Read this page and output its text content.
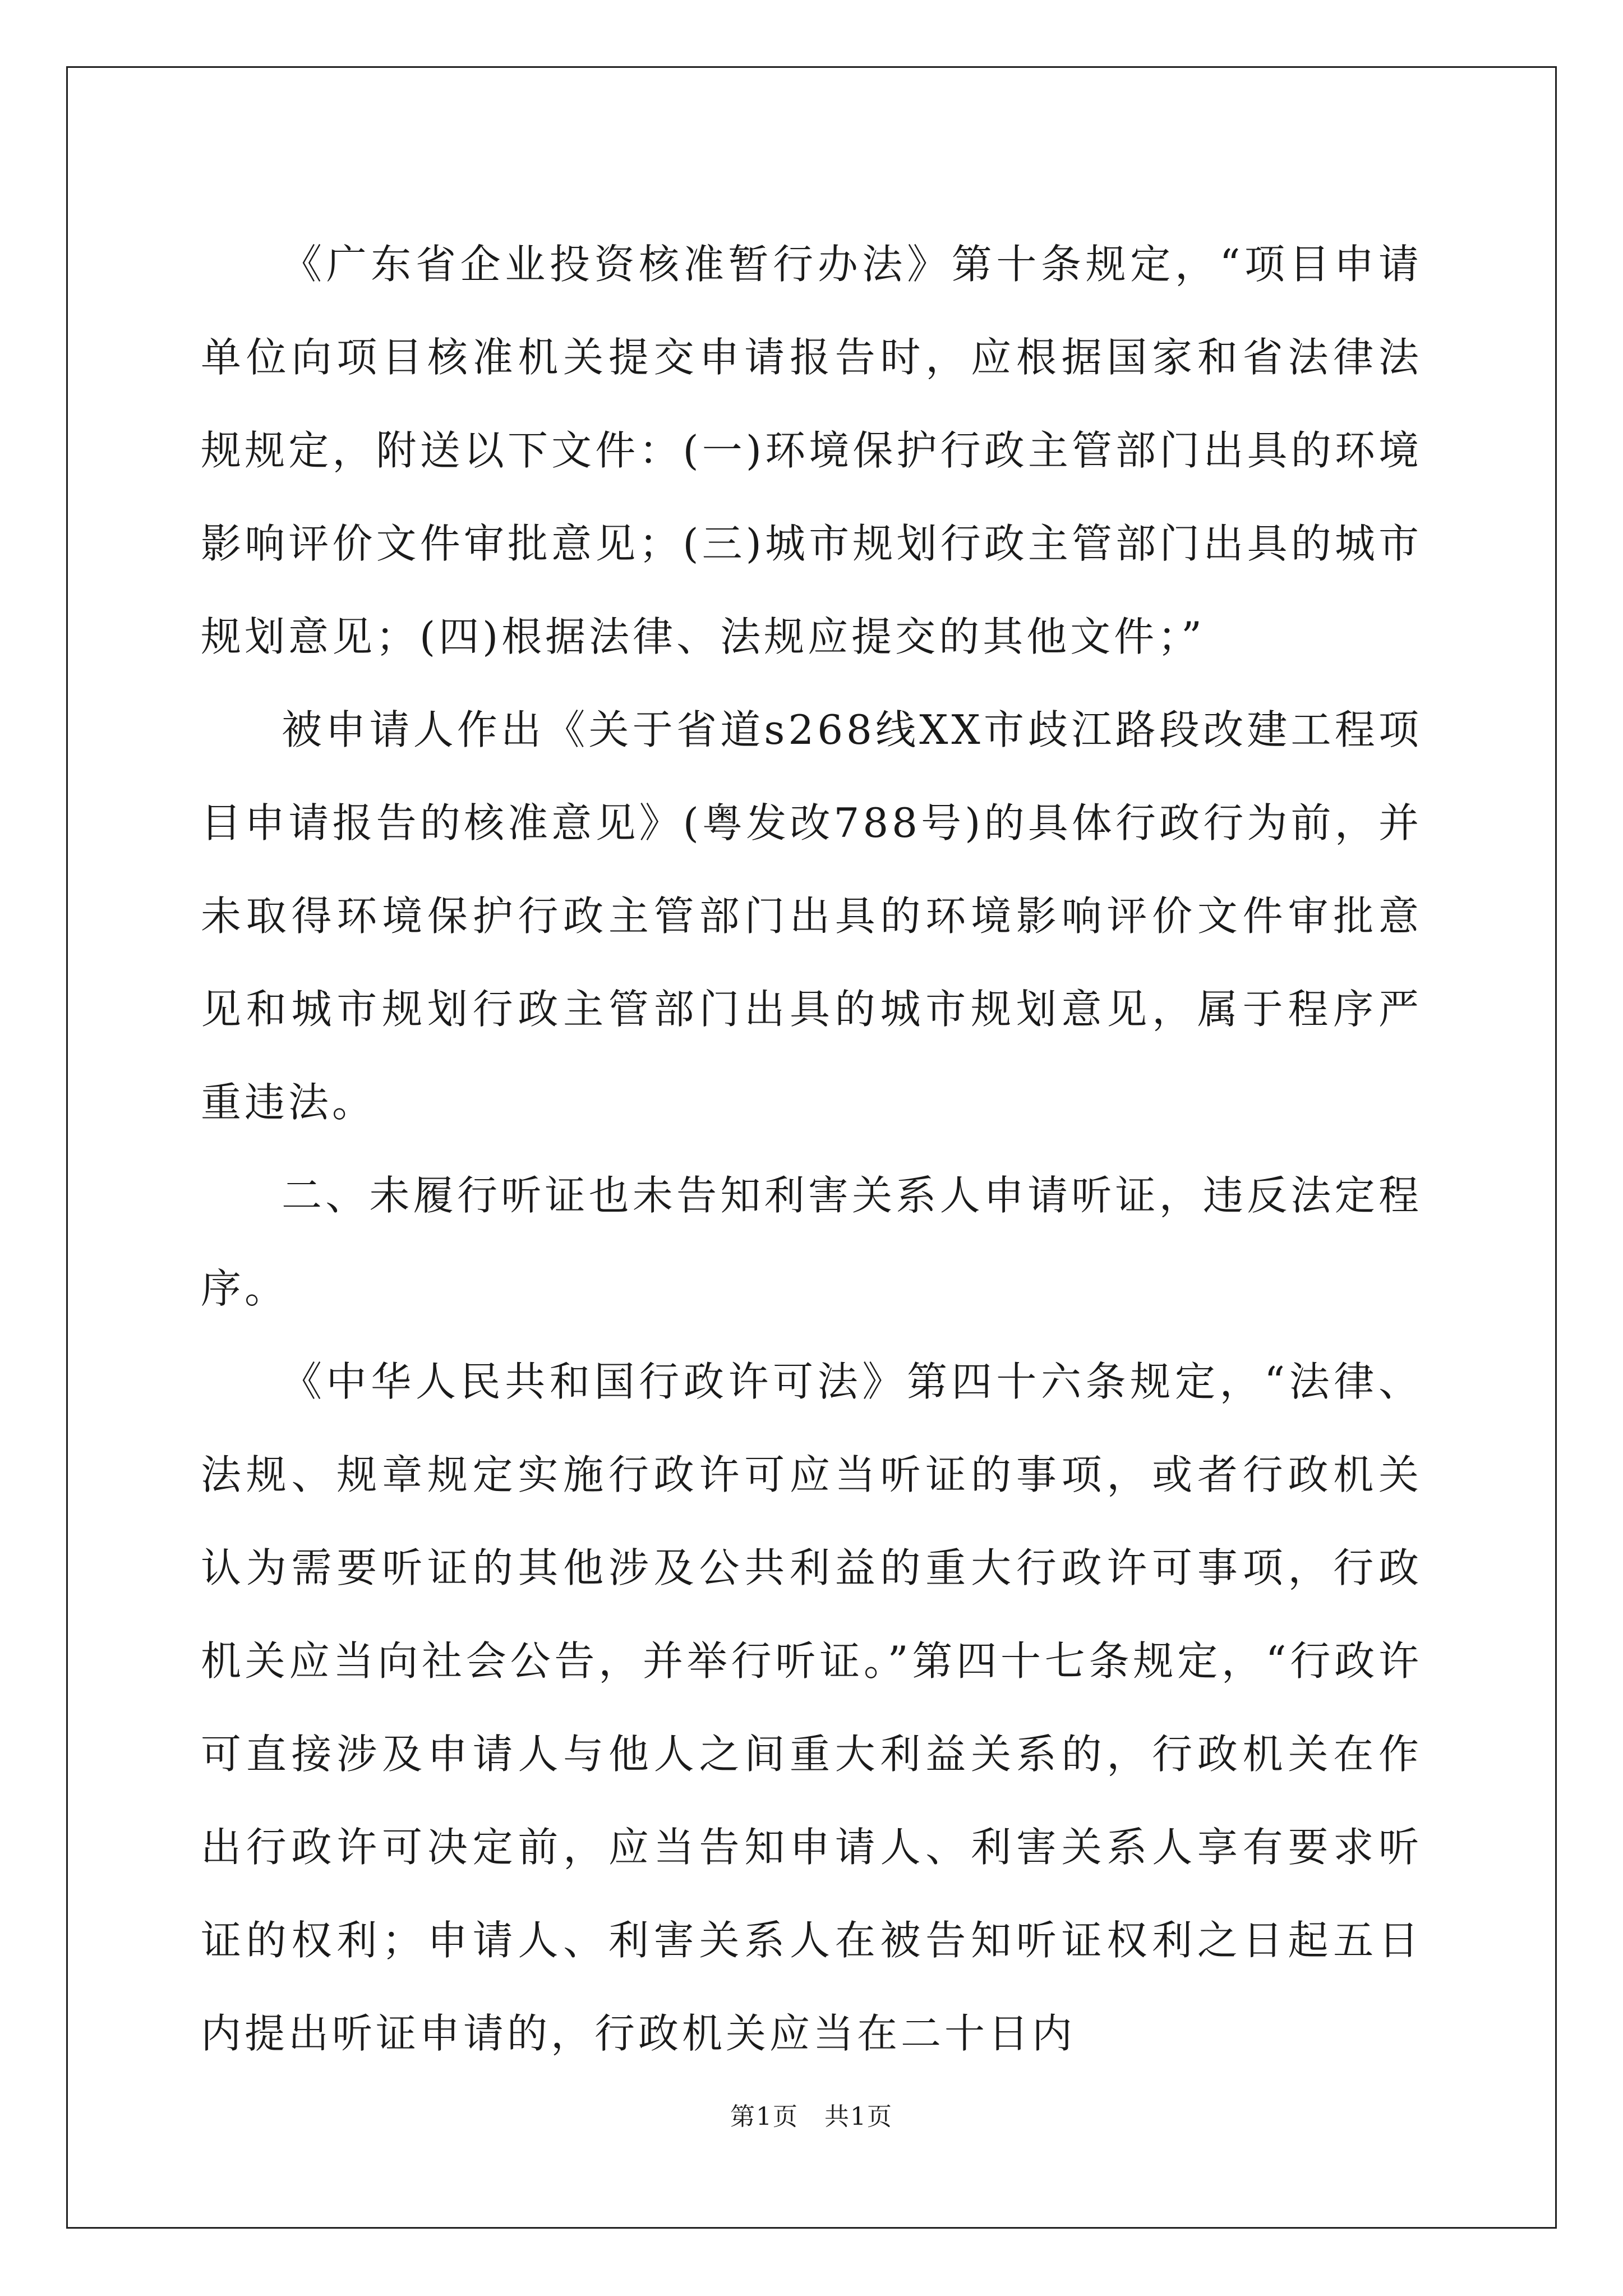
《广东省企业投资核准暂行办法》第十条规定，“项目申请单位向项目核准机关提交申请报告时，应根据国家和省法律法规规定，附送以下文件：(一)环境保护行政主管部门出具的环境影响评价文件审批意见；(三)城市规划行政主管部门出具的城市规划意见；(四)根据法律、法规应提交的其他文件；”

被申请人作出《关于省道s268线XX市歧江路段改建工程项目申请报告的核准意见》(粤发改788号)的具体行政行为前，并未取得环境保护行政主管部门出具的环境影响评价文件审批意见和城市规划行政主管部门出具的城市规划意见，属于程序严重违法。

二、未履行听证也未告知利害关系人申请听证，违反法定程序。

《中华人民共和国行政许可法》第四十六条规定，“法律、法规、规章规定实施行政许可应当听证的事项，或者行政机关认为需要听证的其他涉及公共利益的重大行政许可事项，行政机关应当向社会公告，并举行听证。”第四十七条规定，“行政许可直接涉及申请人与他人之间重大利益关系的，行政机关在作出行政许可决定前，应当告知申请人、利害关系人享有要求听证的权利；申请人、利害关系人在被告知听证权利之日起五日内提出听证申请的，行政机关应当在二十日内

第1页　共1页
